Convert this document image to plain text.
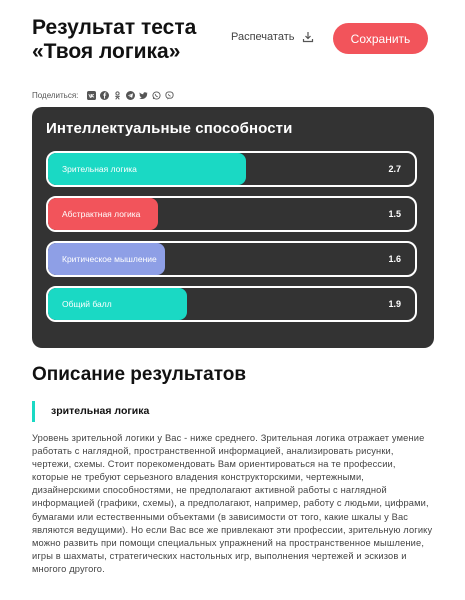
Результат теста
«Твоя логика»
Распечатать	Сохранить
Поделиться:
Интеллектуальные способности
Зрительная логика	2.7
Абстрактная логика	1.5
Критическое мышление	1.6
Общий балл	1.9
Описание результатов
зрительная логика

Уровень зрительной логики у Вас - ниже среднего. Зрительная логика отражает умение работать с наглядной, пространственной информацией, анализировать рисунки, чертежи, схемы. Стоит порекомендовать Вам ориентироваться на те профессии, которые не требуют серьезного владения конструкторскими, чертежными, дизайнерскими способностями, не предполагают активной работы с наглядной информацией (графики, схемы), а предполагают, например, работу с людьми, цифрами, бумагами или естественными объектами (в зависимости от того, какие шкалы у Вас являются ведущими). Но если Вас все же привлекают эти профессии, зрительную логику можно развить при помощи специальных упражнений на пространственное мышление, игры в шахматы, стратегических настольных игр, выполнения чертежей и эскизов и многого другого.
